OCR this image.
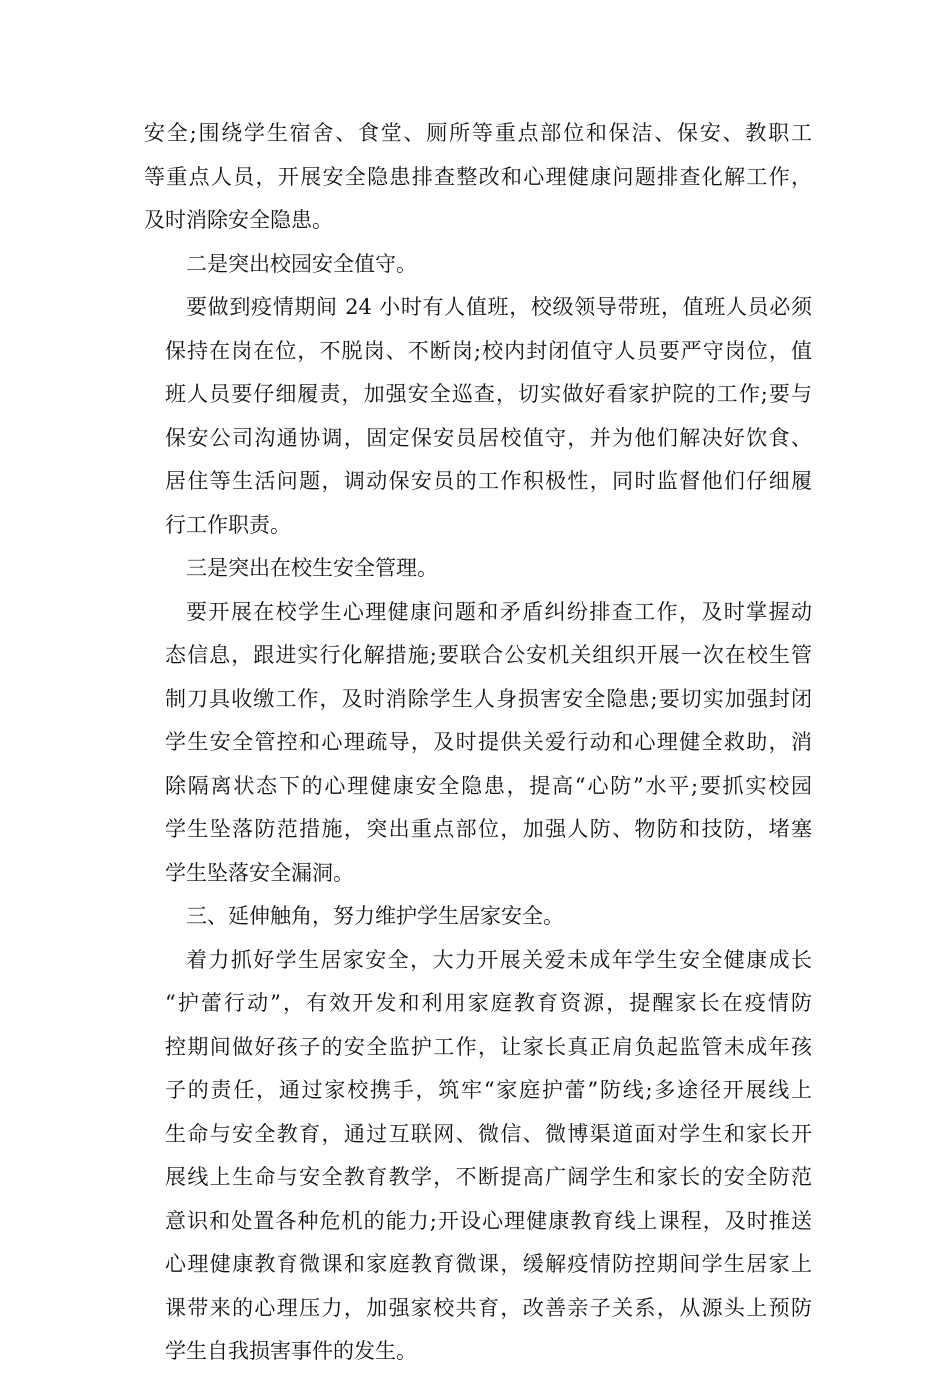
安全;围绕学生宿舍、食堂、厕所等重点部位和保洁、保安、教职工
等重点人员，开展安全隐患排查整改和心理健康问题排查化解工作，
及时消除安全隐患。

二是突出校园安全值守。

要做到疫情期间 24 小时有人值班，校级领导带班，值班人员必须
保持在岗在位，不脱岗、不断岗;校内封闭值守人员要严守岗位，值
班人员要仔细履责，加强安全巡查，切实做好看家护院的工作;要与
保安公司沟通协调，固定保安员居校值守，并为他们解决好饮食、
居住等生活问题，调动保安员的工作积极性，同时监督他们仔细履
行工作职责。

三是突出在校生安全管理。

要开展在校学生心理健康问题和矛盾纠纷排查工作，及时掌握动
态信息，跟进实行化解措施;要联合公安机关组织开展一次在校生管
制刀具收缴工作，及时消除学生人身损害安全隐患;要切实加强封闭
学生安全管控和心理疏导，及时提供关爱行动和心理健全救助，消
除隔离状态下的心理健康安全隐患，提高“心防”水平;要抓实校园
学生坠落防范措施，突出重点部位，加强人防、物防和技防，堵塞
学生坠落安全漏洞。

三、延伸触角，努力维护学生居家安全。

着力抓好学生居家安全，大力开展关爱未成年学生安全健康成长
“护蕾行动”，有效开发和利用家庭教育资源，提醒家长在疫情防
控期间做好孩子的安全监护工作，让家长真正肩负起监管未成年孩
子的责任，通过家校携手，筑牢“家庭护蕾”防线;多途径开展线上
生命与安全教育，通过互联网、微信、微博渠道面对学生和家长开
展线上生命与安全教育教学，不断提高广阔学生和家长的安全防范
意识和处置各种危机的能力;开设心理健康教育线上课程，及时推送
心理健康教育微课和家庭教育微课，缓解疫情防控期间学生居家上
课带来的心理压力，加强家校共育，改善亲子关系，从源头上预防
学生自我损害事件的发生。
